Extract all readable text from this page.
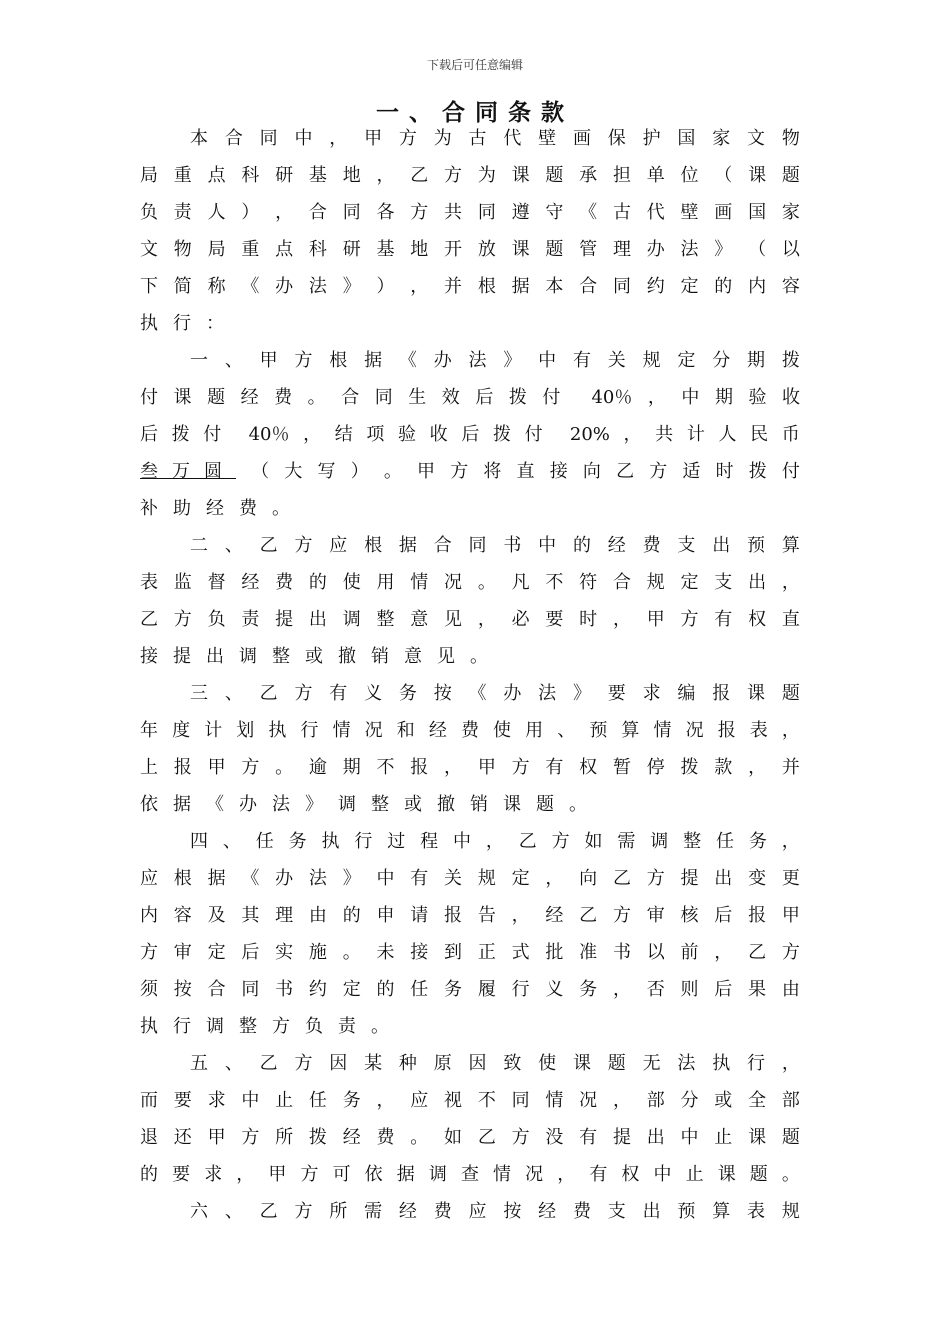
下载后可任意编辑
一、合同条款
本 合 同 中 ， 甲 方 为 古 代 壁 画 保 护 国 家 文 物
局 重 点 科 研 基 地 ， 乙 方 为 课 题 承 担 单 位 （ 课 题
负 责 人 ） ， 合 同 各 方 共 同 遵 守 《 古 代 壁 画 国 家
文 物 局 重 点 科 研 基 地 开 放 课 题 管 理 办 法 》 （ 以
下 简 称 《 办 法 》 ） ， 并 根 据 本 合 同 约 定 的 内 容
执 行 ：
一 、 甲 方 根 据 《 办 法 》 中 有 关 规 定 分 期 拨
付 课 题 经 费 。 合 同 生 效 后 拨 付 40％ ， 中 期 验 收
后 拨 付 40％ ， 结 项 验 收 后 拨 付 20% ， 共 计 人 民 币
叁万圆 （ 大 写 ） 。 甲 方 将 直 接 向 乙 方 适 时 拨 付
补 助 经 费 。
二 、 乙 方 应 根 据 合 同 书 中 的 经 费 支 出 预 算
表 监 督 经 费 的 使 用 情 况 。 凡 不 符 合 规 定 支 出 ，
乙 方 负 责 提 出 调 整 意 见 ， 必 要 时 ， 甲 方 有 权 直
接 提 出 调 整 或 撤 销 意 见 。
三 、 乙 方 有 义 务 按 《 办 法 》 要 求 编 报 课 题
年 度 计 划 执 行 情 况 和 经 费 使 用 、 预 算 情 况 报 表 ，
上 报 甲 方 。 逾 期 不 报 ， 甲 方 有 权 暂 停 拨 款 ， 并
依 据 《 办 法 》 调 整 或 撤 销 课 题 。
四 、 任 务 执 行 过 程 中 ， 乙 方 如 需 调 整 任 务 ，
应 根 据 《 办 法 》 中 有 关 规 定 ， 向 乙 方 提 出 变 更
内 容 及 其 理 由 的 申 请 报 告 ， 经 乙 方 审 核 后 报 甲
方 审 定 后 实 施 。 未 接 到 正 式 批 准 书 以 前 ， 乙 方
须 按 合 同 书 约 定 的 任 务 履 行 义 务 ， 否 则 后 果 由
执 行 调 整 方 负 责 。
五 、 乙 方 因 某 种 原 因 致 使 课 题 无 法 执 行 ，
而 要 求 中 止 任 务 ， 应 视 不 同 情 况 ， 部 分 或 全 部
退 还 甲 方 所 拨 经 费 。 如 乙 方 没 有 提 出 中 止 课 题
的 要 求 ， 甲 方 可 依 据 调 查 情 况 ， 有 权 中 止 课 题 。
六 、 乙 方 所 需 经 费 应 按 经 费 支 出 预 算 表 规
